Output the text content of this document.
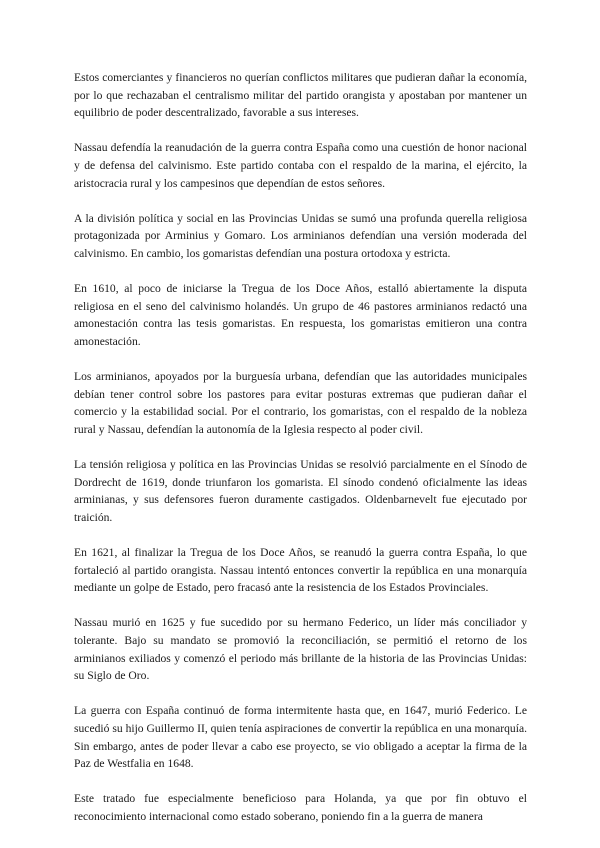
Estos comerciantes y financieros no querían conflictos militares que pudieran dañar la economía, por lo que rechazaban el centralismo militar del partido orangista y apostaban por mantener un equilibrio de poder descentralizado, favorable a sus intereses.

Nassau defendía la reanudación de la guerra contra España como una cuestión de honor nacional y de defensa del calvinismo. Este partido contaba con el respaldo de la marina, el ejército, la aristocracia rural y los campesinos que dependían de estos señores.

A la división política y social en las Provincias Unidas se sumó una profunda querella religiosa protagonizada por Arminius y Gomaro. Los arminianos defendían una versión moderada del calvinismo. En cambio, los gomaristas defendían una postura ortodoxa y estricta.

En 1610, al poco de iniciarse la Tregua de los Doce Años, estalló abiertamente la disputa religiosa en el seno del calvinismo holandés. Un grupo de 46 pastores arminianos redactó una amonestación contra las tesis gomaristas. En respuesta, los gomaristas emitieron una contra amonestación.

Los arminianos, apoyados por la burguesía urbana, defendían que las autoridades municipales debían tener control sobre los pastores para evitar posturas extremas que pudieran dañar el comercio y la estabilidad social. Por el contrario, los gomaristas, con el respaldo de la nobleza rural y Nassau, defendían la autonomía de la Iglesia respecto al poder civil.

La tensión religiosa y política en las Provincias Unidas se resolvió parcialmente en el Sínodo de Dordrecht de 1619, donde triunfaron los gomarista. El sínodo condenó oficialmente las ideas arminianas, y sus defensores fueron duramente castigados. Oldenbarnevelt fue ejecutado por traición.

En 1621, al finalizar la Tregua de los Doce Años, se reanudó la guerra contra España, lo que fortaleció al partido orangista. Nassau intentó entonces convertir la república en una monarquía mediante un golpe de Estado, pero fracasó ante la resistencia de los Estados Provinciales.

Nassau murió en 1625 y fue sucedido por su hermano Federico, un líder más conciliador y tolerante. Bajo su mandato se promovió la reconciliación, se permitió el retorno de los arminianos exiliados y comenzó el periodo más brillante de la historia de las Provincias Unidas: su Siglo de Oro.

La guerra con España continuó de forma intermitente hasta que, en 1647, murió Federico. Le sucedió su hijo Guillermo II, quien tenía aspiraciones de convertir la república en una monarquía. Sin embargo, antes de poder llevar a cabo ese proyecto, se vio obligado a aceptar la firma de la Paz de Westfalia en 1648.

Este tratado fue especialmente beneficioso para Holanda, ya que por fin obtuvo el reconocimiento internacional como estado soberano, poniendo fin a la guerra de manera
